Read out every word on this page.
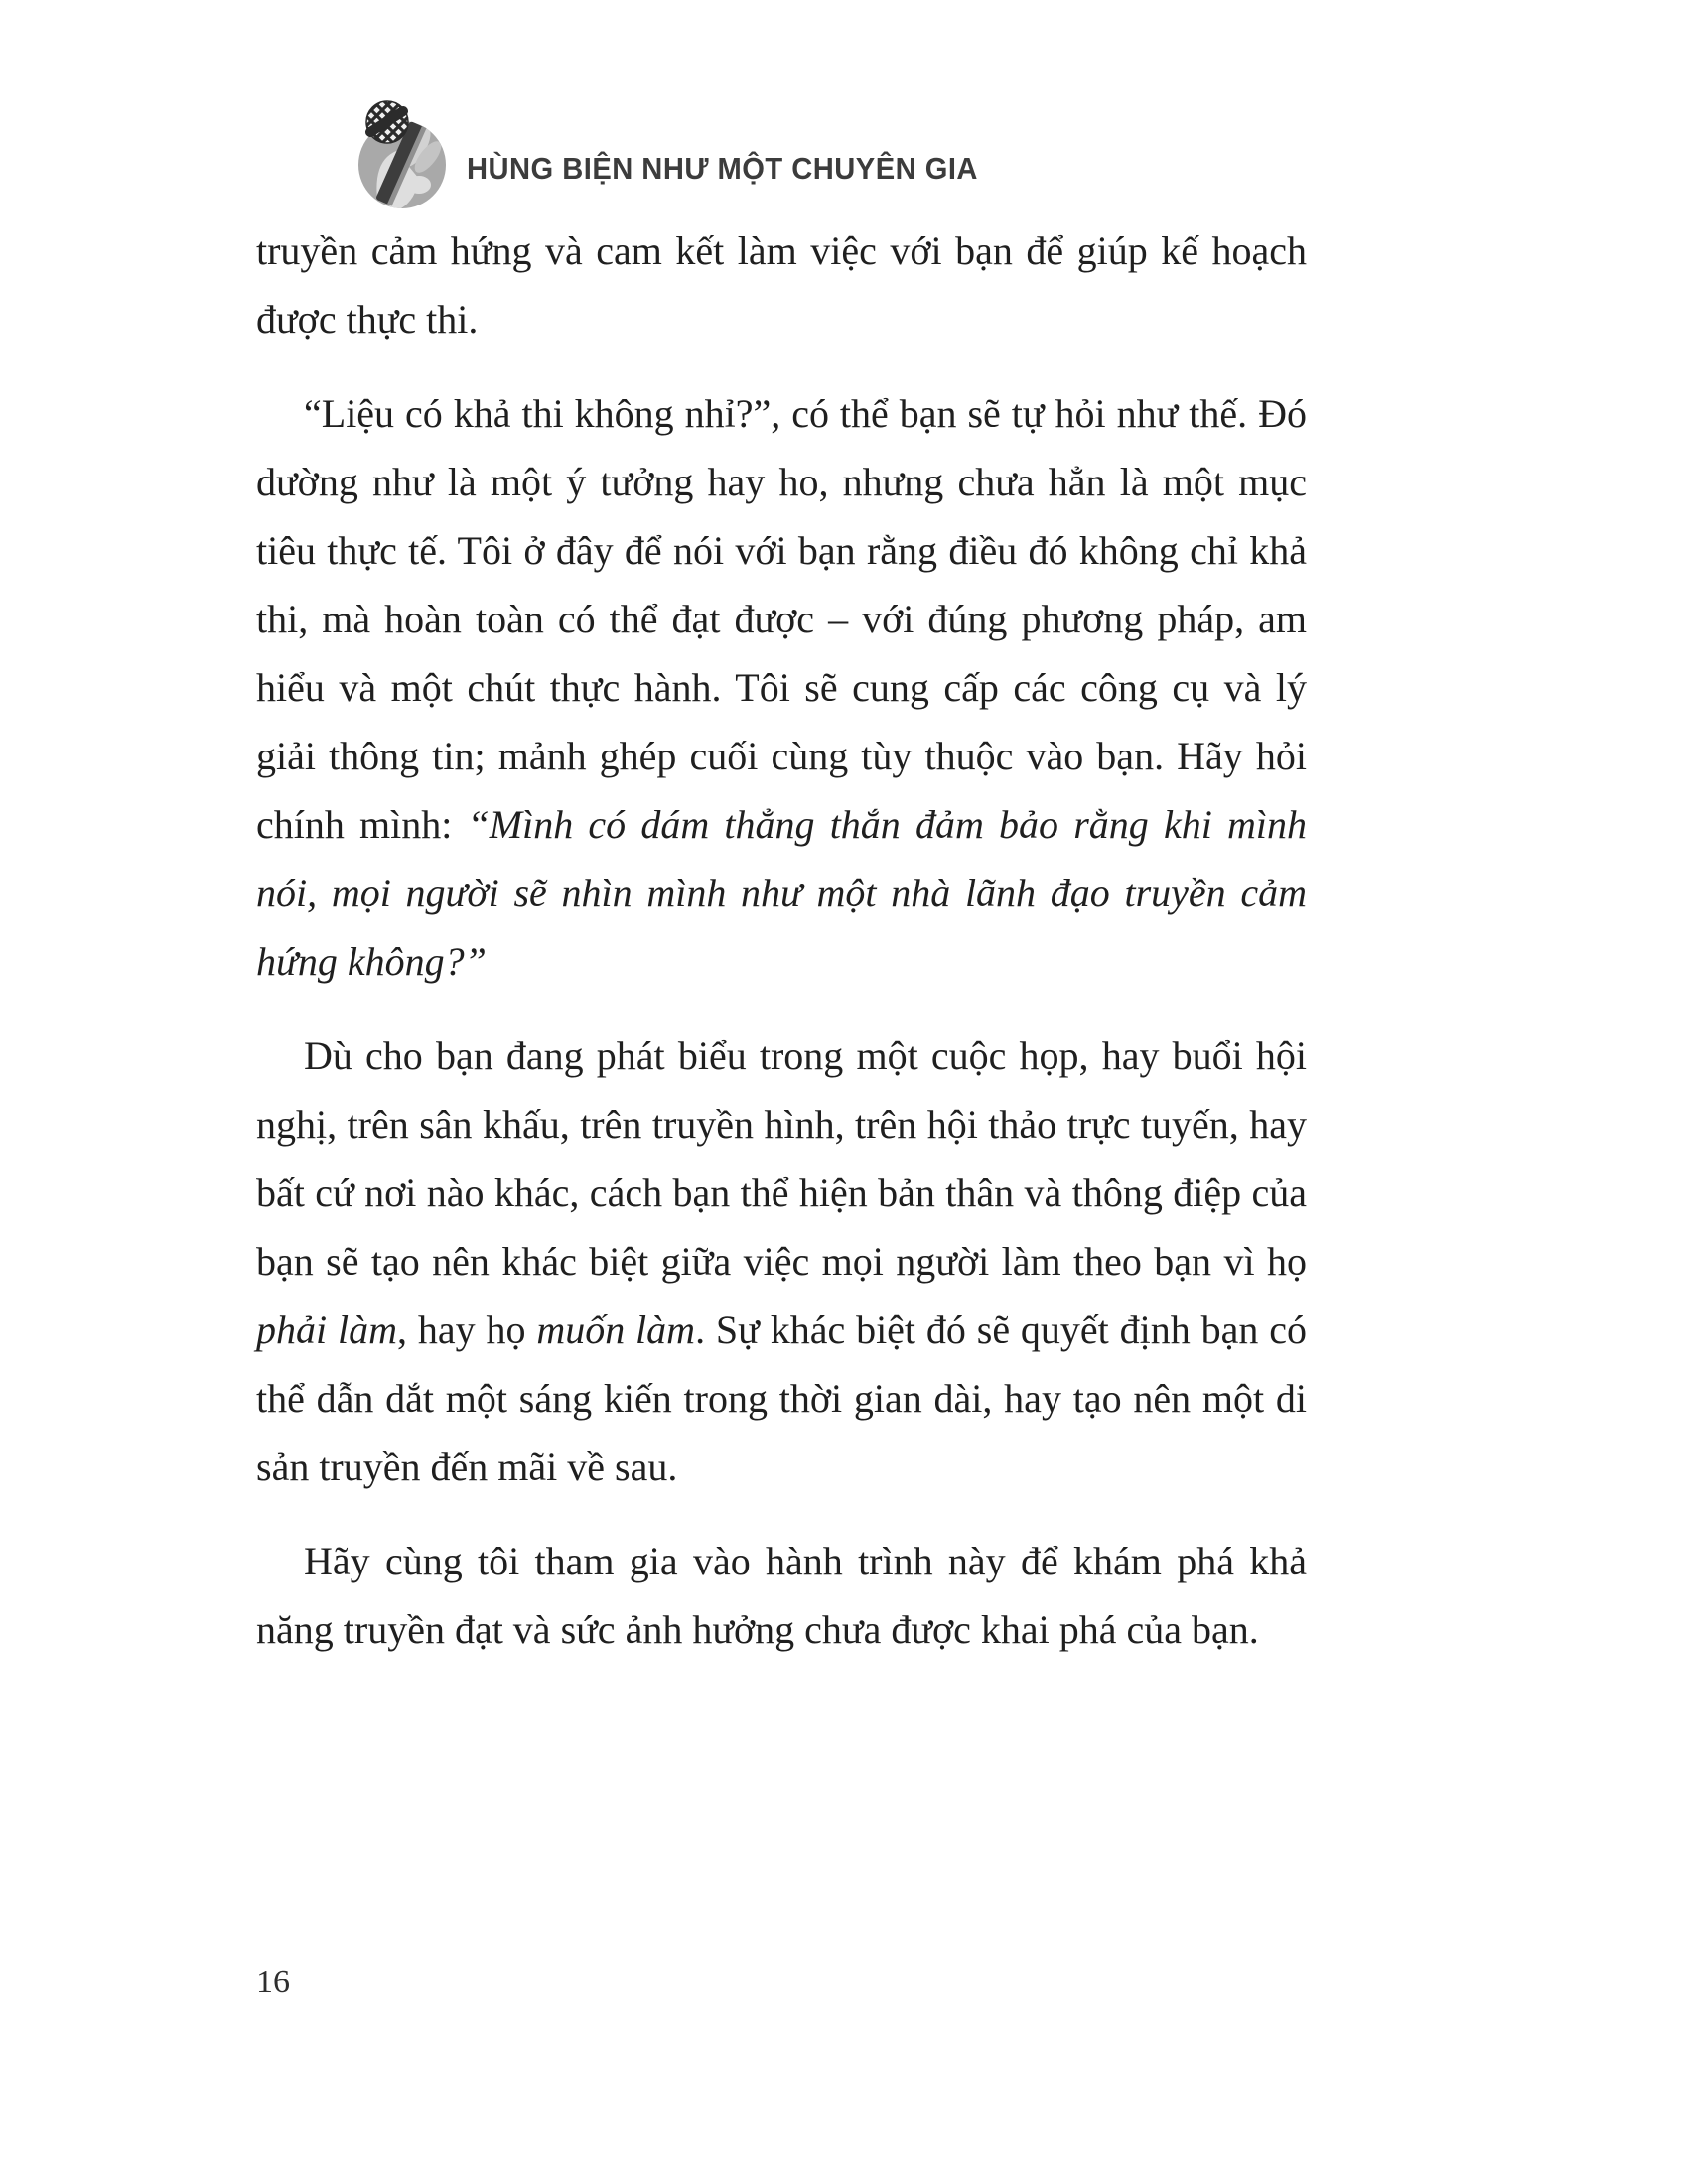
HÙNG BIỆN NHƯ MỘT CHUYÊN GIA

truyền cảm hứng và cam kết làm việc với bạn để giúp kế hoạch được thực thi.

“Liệu có khả thi không nhỉ?”, có thể bạn sẽ tự hỏi như thế. Đó dường như là một ý tưởng hay ho, nhưng chưa hẳn là một mục tiêu thực tế. Tôi ở đây để nói với bạn rằng điều đó không chỉ khả thi, mà hoàn toàn có thể đạt được – với đúng phương pháp, am hiểu và một chút thực hành. Tôi sẽ cung cấp các công cụ và lý giải thông tin; mảnh ghép cuối cùng tùy thuộc vào bạn. Hãy hỏi chính mình: “Mình có dám thẳng thắn đảm bảo rằng khi mình nói, mọi người sẽ nhìn mình như một nhà lãnh đạo truyền cảm hứng không?”

Dù cho bạn đang phát biểu trong một cuộc họp, hay buổi hội nghị, trên sân khấu, trên truyền hình, trên hội thảo trực tuyến, hay bất cứ nơi nào khác, cách bạn thể hiện bản thân và thông điệp của bạn sẽ tạo nên khác biệt giữa việc mọi người làm theo bạn vì họ phải làm, hay họ muốn làm. Sự khác biệt đó sẽ quyết định bạn có thể dẫn dắt một sáng kiến trong thời gian dài, hay tạo nên một di sản truyền đến mãi về sau.

Hãy cùng tôi tham gia vào hành trình này để khám phá khả năng truyền đạt và sức ảnh hưởng chưa được khai phá của bạn.

16
